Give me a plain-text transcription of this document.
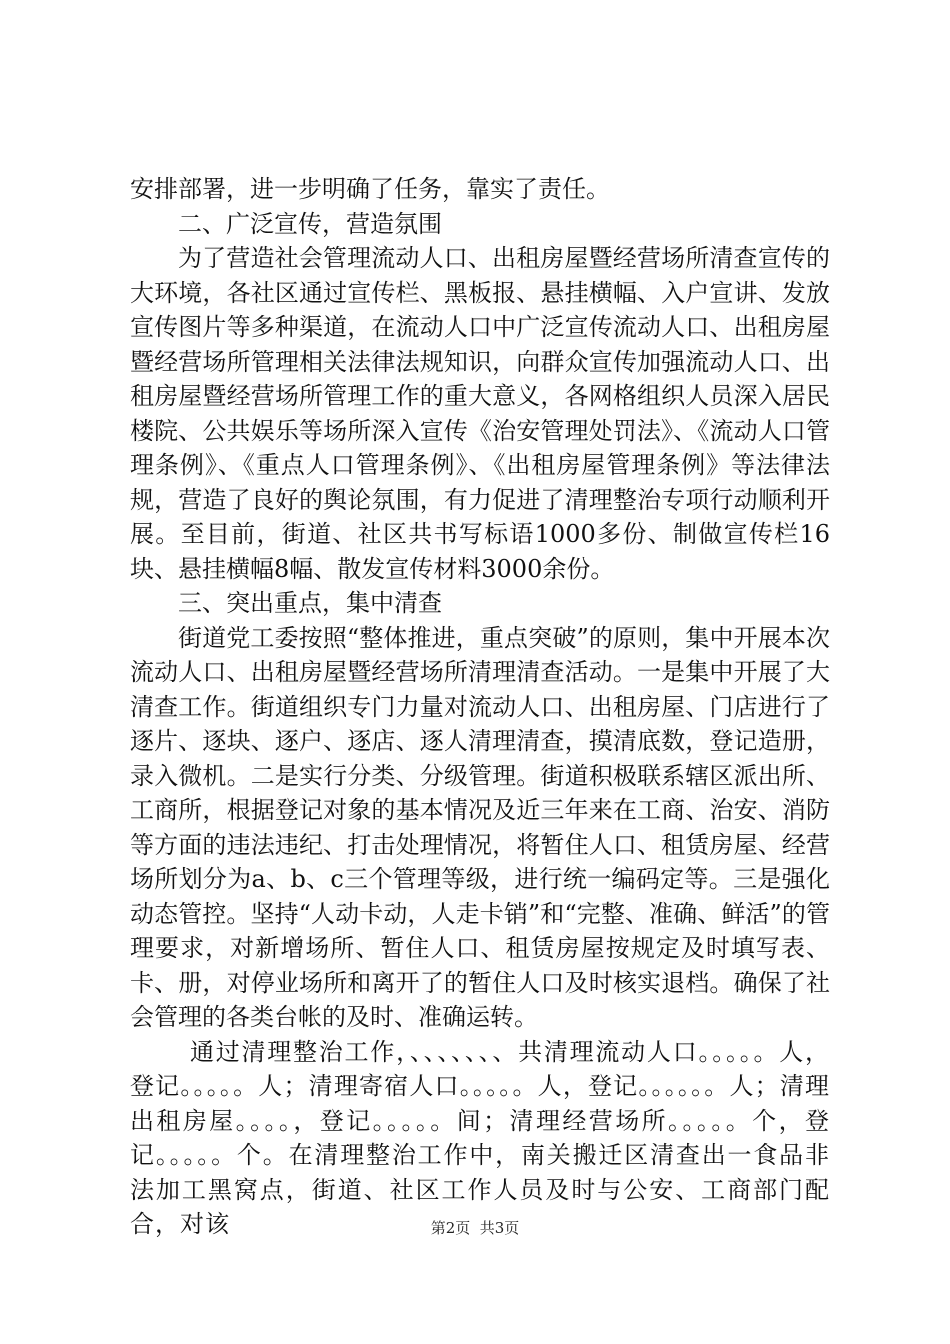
安排部署，进一步明确了任务，靠实了责任。

二、广泛宣传，营造氛围

为了营造社会管理流动人口、出租房屋暨经营场所清查宣传的大环境，各社区通过宣传栏、黑板报、悬挂横幅、入户宣讲、发放宣传图片等多种渠道，在流动人口中广泛宣传流动人口、出租房屋暨经营场所管理相关法律法规知识，向群众宣传加强流动人口、出租房屋暨经营场所管理工作的重大意义，各网格组织人员深入居民楼院、公共娱乐等场所深入宣传《治安管理处罚法》、《流动人口管理条例》、《重点人口管理条例》、《出租房屋管理条例》等法律法规，营造了良好的舆论氛围，有力促进了清理整治专项行动顺利开展。至目前，街道、社区共书写标语1000多份、制做宣传栏16块、悬挂横幅8幅、散发宣传材料3000余份。

三、突出重点，集中清查

街道党工委按照“整体推进，重点突破”的原则，集中开展本次流动人口、出租房屋暨经营场所清理清查活动。一是集中开展了大清查工作。街道组织专门力量对流动人口、出租房屋、门店进行了逐片、逐块、逐户、逐店、逐人清理清查，摸清底数，登记造册，录入微机。二是实行分类、分级管理。街道积极联系辖区派出所、工商所，根据登记对象的基本情况及近三年来在工商、治安、消防等方面的违法违纪、打击处理情况，将暂住人口、租赁房屋、经营场所划分为a、b、c三个管理等级，进行统一编码定等。三是强化动态管控。坚持“人动卡动，人走卡销”和“完整、准确、鲜活”的管理要求，对新增场所、暂住人口、租赁房屋按规定及时填写表、卡、册，对停业场所和离开了的暂住人口及时核实退档。确保了社会管理的各类台帐的及时、准确运转。

通过清理整治工作，、、、、、、、共清理流动人口。。。。。人，登记。。。。。人；清理寄宿人口。。。。。人，登记。。。。。。人；清理出租房屋。。。。，登记。。。。。间；清理经营场所。。。。。个，登记。。。。。个。在清理整治工作中，南关搬迁区清查出一食品非法加工黑窝点，街道、社区工作人员及时与公安、工商部门配合，对该	第2页  共3页
